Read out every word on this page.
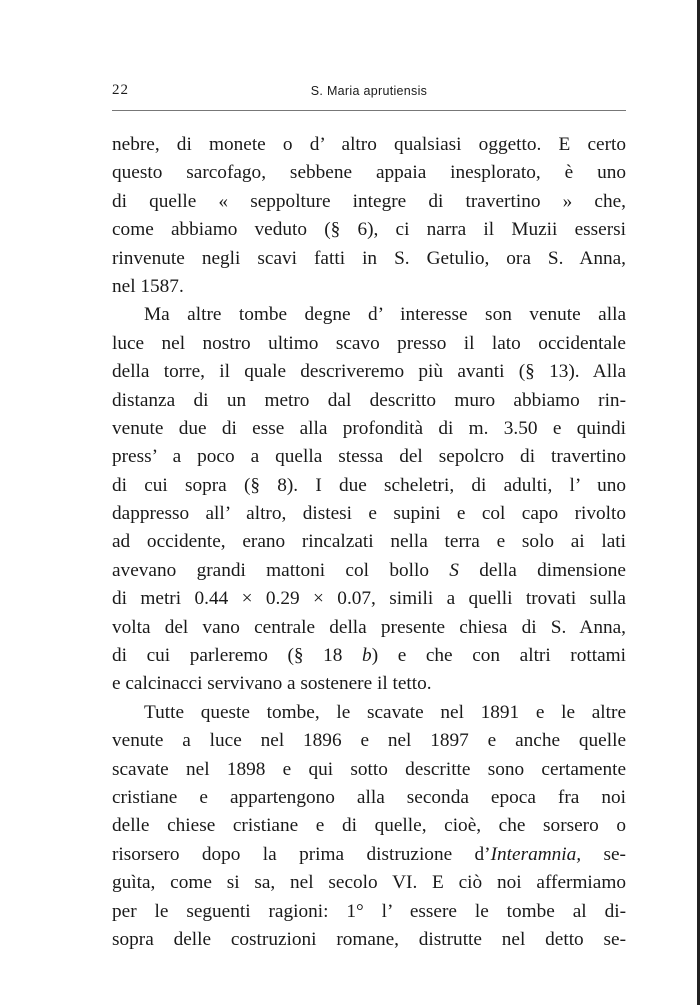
22	S. Maria aprutiensis
nebre, di monete o d’ altro qualsiasi oggetto. E certo
questo sarcofago, sebbene appaia inesplorato, è uno
di quelle « seppolture integre di travertino » che,
come abbiamo veduto (§ 6), ci narra il Muzii essersi
rinvenute negli scavi fatti in S. Getulio, ora S. Anna,
nel 1587.
Ma altre tombe degne d’ interesse son venute alla
luce nel nostro ultimo scavo presso il lato occidentale
della torre, il quale descriveremo più avanti (§ 13). Alla
distanza di un metro dal descritto muro abbiamo rin-
venute due di esse alla profondità di m. 3.50 e quindi
press’ a poco a quella stessa del sepolcro di travertino
di cui sopra (§ 8). I due scheletri, di adulti, l’ uno
dappresso all’ altro, distesi e supini e col capo rivolto
ad occidente, erano rincalzati nella terra e solo ai lati
avevano grandi mattoni col bollo S della dimensione
di metri 0.44 × 0.29 × 0.07, simili a quelli trovati sulla
volta del vano centrale della presente chiesa di S. Anna,
di cui parleremo (§ 18 b) e che con altri rottami
e calcinacci servivano a sostenere il tetto.
Tutte queste tombe, le scavate nel 1891 e le altre
venute a luce nel 1896 e nel 1897 e anche quelle
scavate nel 1898 e qui sotto descritte sono certamente
cristiane e appartengono alla seconda epoca fra noi
delle chiese cristiane e di quelle, cioè, che sorsero o
risorsero dopo la prima distruzione d’Interamnia, se-
guìta, come si sa, nel secolo VI. E ciò noi affermiamo
per le seguenti ragioni: 1° l’ essere le tombe al di-
sopra delle costruzioni romane, distrutte nel detto se-
